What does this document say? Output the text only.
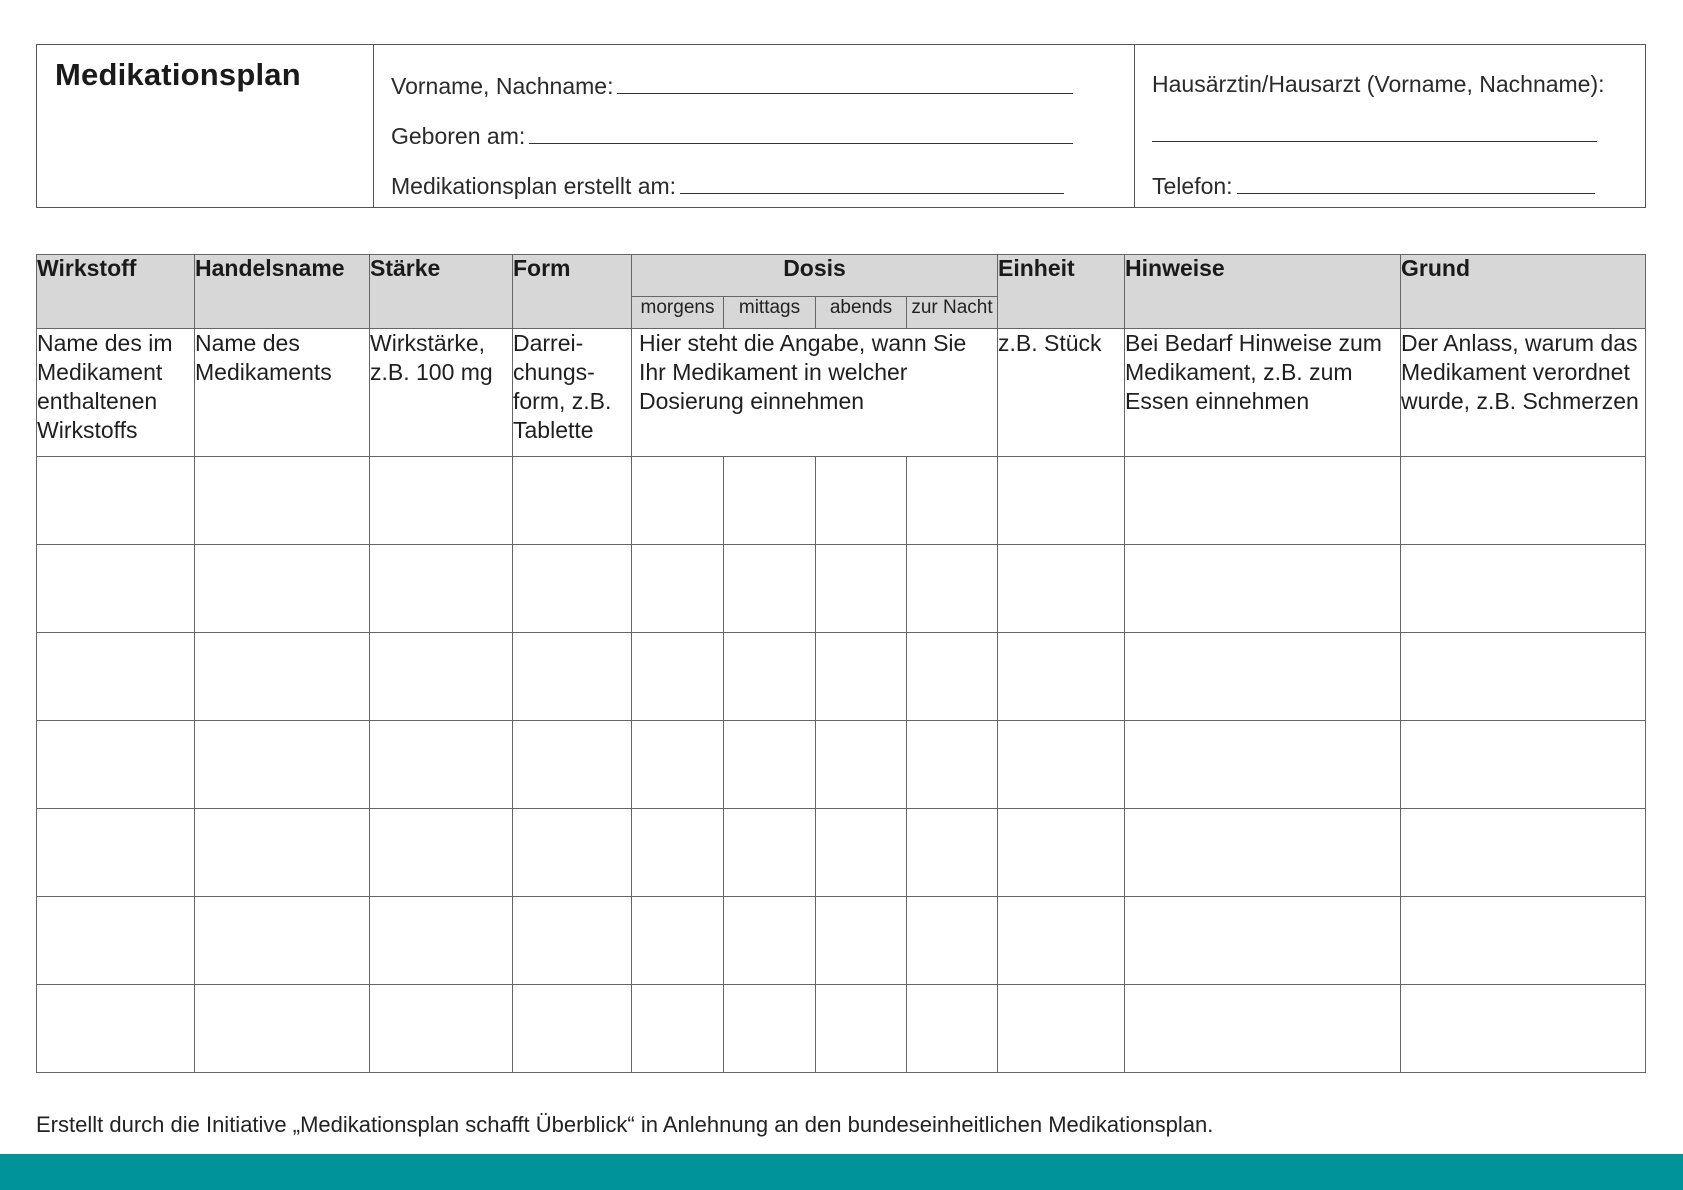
Medikationsplan	Vorname, Nachname:
Geboren am:
Medikationsplan erstellt am:
Hausärztin/Hausarzt (Vorname, Nachname):
Telefon:
Wirkstoff	Handelsname	Stärke	Form	Dosis				Einheit	Hinweise	Grund
				morgens	mittags	abends	zur Nacht			
Name des im Medikament enthaltenen Wirkstoffs	Name des Medikaments	Wirkstärke, z.B. 100 mg	Darrei-chungs-form, z.B. Tablette	Hier steht die Angabe, wann Sie Ihr Medikament in welcher Dosierung einnehmen				z.B. Stück	Bei Bedarf Hinweise zum Medikament, z.B. zum Essen einnehmen	Der Anlass, warum das Medikament verordnet wurde, z.B. Schmerzen

Erstellt durch die Initiative „Medikationsplan schafft Überblick“ in Anlehnung an den bundeseinheitlichen Medikationsplan.
